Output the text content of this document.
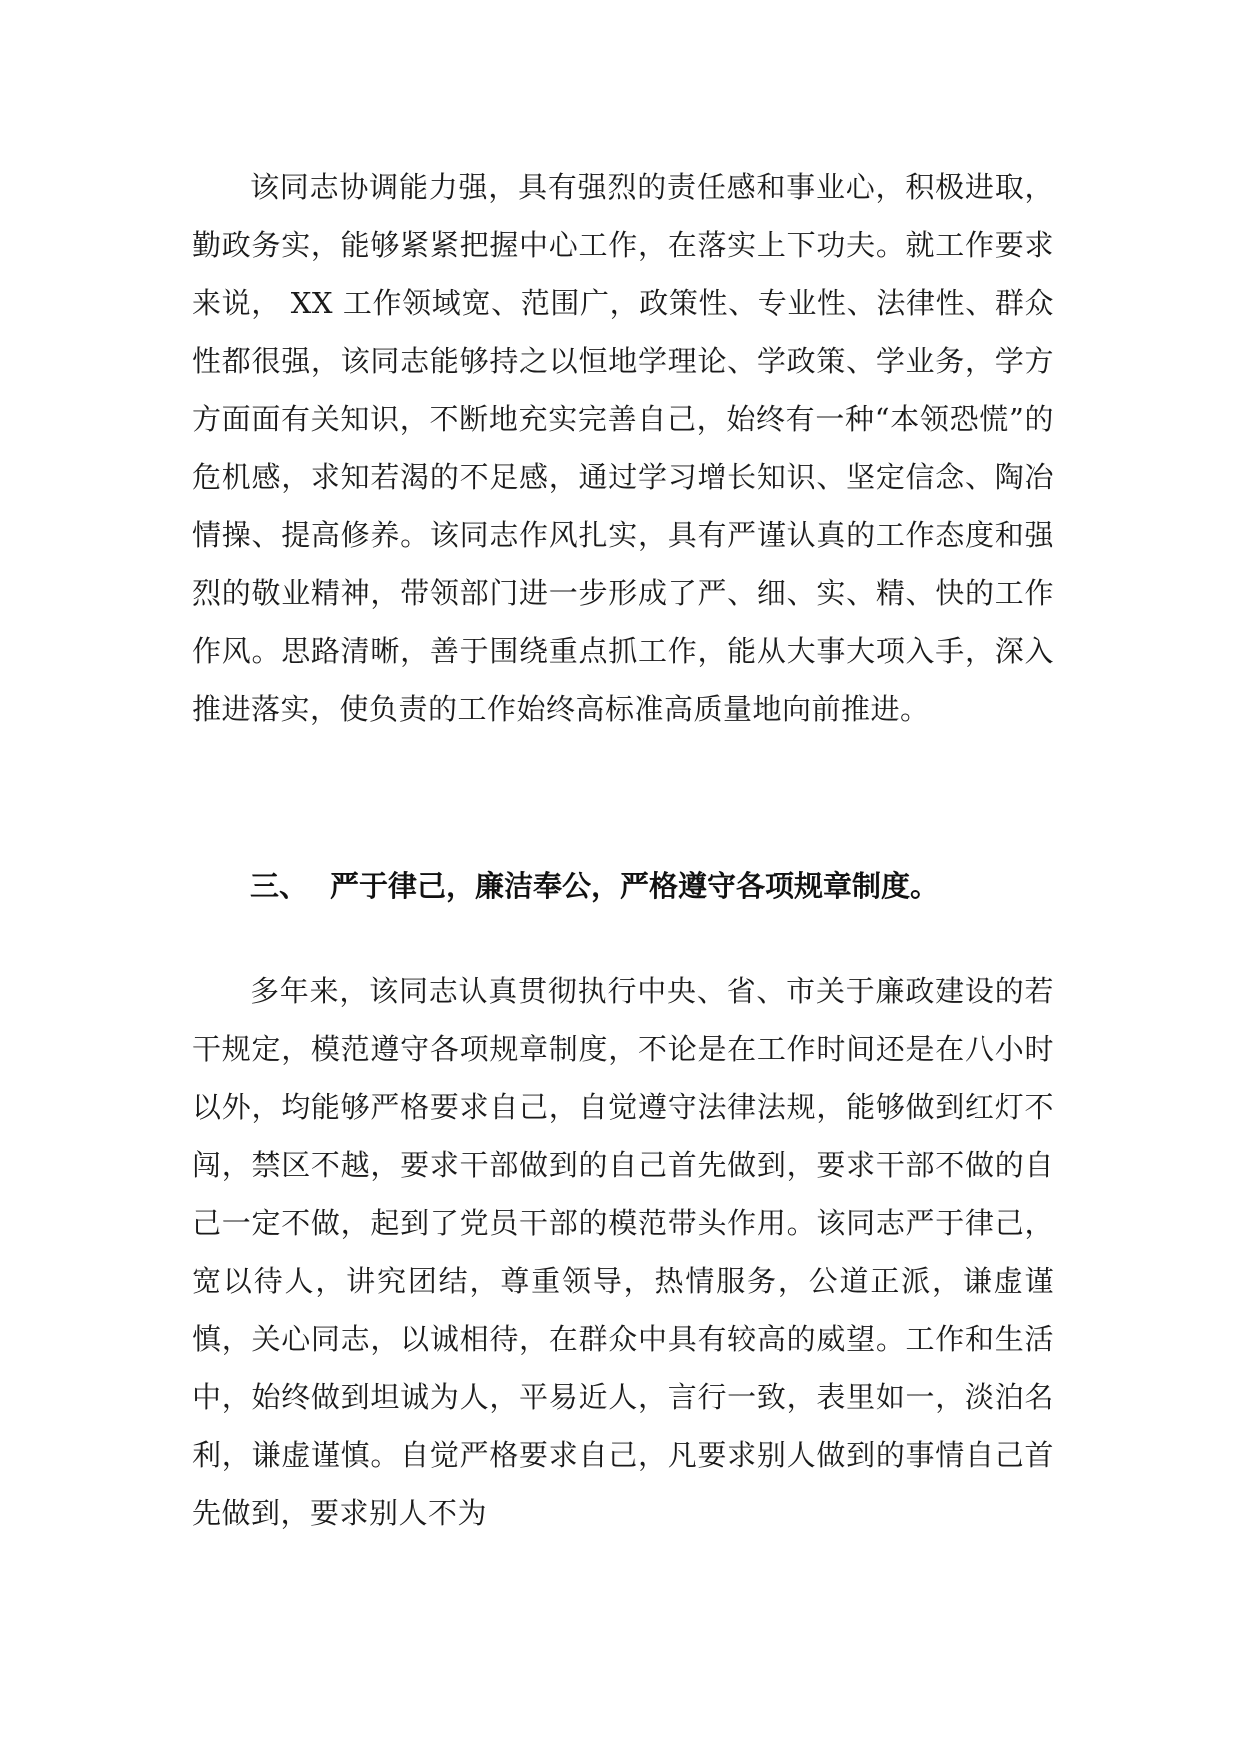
该同志协调能力强，具有强烈的责任感和事业心，积极进取，勤政务实，能够紧紧把握中心工作，在落实上下功夫。就工作要求来说， XX 工作领域宽、范围广，政策性、专业性、法律性、群众性都很强，该同志能够持之以恒地学理论、学政策、学业务，学方方面面有关知识，不断地充实完善自己，始终有一种“本领恐慌”的危机感，求知若渴的不足感，通过学习增长知识、坚定信念、陶冶情操、提高修养。该同志作风扎实，具有严谨认真的工作态度和强烈的敬业精神，带领部门进一步形成了严、细、实、精、快的工作作风。思路清晰，善于围绕重点抓工作，能从大事大项入手，深入推进落实，使负责的工作始终高标准高质量地向前推进。

三、 严于律己，廉洁奉公，严格遵守各项规章制度。

多年来，该同志认真贯彻执行中央、省、市关于廉政建设的若干规定，模范遵守各项规章制度，不论是在工作时间还是在八小时以外，均能够严格要求自己，自觉遵守法律法规，能够做到红灯不闯，禁区不越，要求干部做到的自己首先做到，要求干部不做的自己一定不做，起到了党员干部的模范带头作用。该同志严于律己，宽以待人，讲究团结，尊重领导，热情服务，公道正派，谦虚谨慎，关心同志，以诚相待，在群众中具有较高的威望。工作和生活中，始终做到坦诚为人，平易近人，言行一致，表里如一，淡泊名利，谦虚谨慎。自觉严格要求自己，凡要求别人做到的事情自己首先做到，要求别人不为
